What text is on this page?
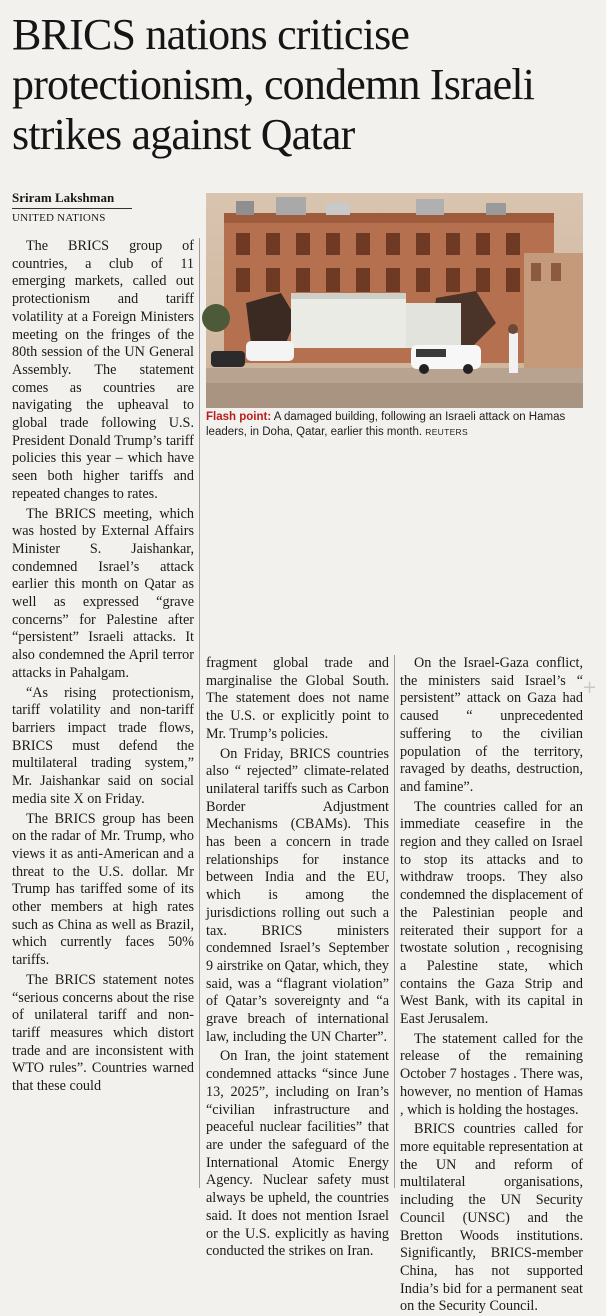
BRICS nations criticise protectionism, condemn Israeli strikes against Qatar
Sriram Lakshman
UNITED NATIONS

The BRICS group of countries, a club of 11 emerging markets, called out protectionism and tariff volatility at a Foreign Ministers meeting on the fringes of the 80th session of the UN General Assembly. The statement comes as countries are navigating the upheaval to global trade following U.S. President Donald Trump’s tariff policies this year – which have seen both higher tariffs and repeated changes to rates.

The BRICS meeting, which was hosted by External Affairs Minister S. Jaishankar, condemned Israel’s attack earlier this month on Qatar as well as expressed “grave concerns” for Palestine after “persistent” Israeli attacks. It also condemned the April terror attacks in Pahalgam.

“As rising protectionism, tariff volatility and non-tariff barriers impact trade flows, BRICS must defend the multilateral trading system,” Mr. Jaishankar said on social media site X on Friday.

The BRICS group has been on the radar of Mr. Trump, who views it as anti-American and a threat to the U.S. dollar. Mr Trump has tariffed some of its other members at high rates such as China as well as Brazil, which currently faces 50% tariffs.

The BRICS statement notes “serious concerns about the rise of unilateral tariff and non-tariff measures which distort trade and are inconsistent with WTO rules”. Countries warned that these could

Flash point: A damaged building, following an Israeli attack on Hamas leaders, in Doha, Qatar, earlier this month. REUTERS

fragment global trade and marginalise the Global South. The statement does not name the U.S. or explicitly point to Mr. Trump’s policies.

On Friday, BRICS countries also “ rejected” climate-related unilateral tariffs such as Carbon Border Adjustment Mechanisms (CBAMs). This has been a concern in trade relationships for instance between India and the EU, which is among the jurisdictions rolling out such a tax. BRICS ministers condemned Israel’s September 9 airstrike on Qatar, which, they said, was a “flagrant violation” of Qatar’s sovereignty and “a grave breach of international law, including the UN Charter”.

On Iran, the joint statement condemned attacks “since June 13, 2025”, including on Iran’s “civilian infrastructure and peaceful nuclear facilities” that are under the safeguard of the International Atomic Energy Agency. Nuclear safety must always be upheld, the countries said. It does not mention Israel or the U.S. explicitly as having conducted the strikes on Iran.

On the Israel-Gaza conflict, the ministers said Israel’s “ persistent” attack on Gaza had caused “ unprecedented suffering to the civilian population of the territory, ravaged by deaths, destruction, and famine”.

The countries called for an immediate ceasefire in the region and they called on Israel to stop its attacks and to withdraw troops. They also condemned the displacement of the Palestinian people and reiterated their support for a twostate solution , recognising a Palestine state, which contains the Gaza Strip and West Bank, with its capital in East Jerusalem.

The statement called for the release of the remaining October 7 hostages . There was, however, no mention of Hamas , which is holding the hostages.

BRICS countries called for more equitable representation at the UN and reform of multilateral organisations, including the UN Security Council (UNSC) and the Bretton Woods institutions. Significantly, BRICS-member China, has not supported India’s bid for a permanent seat on the Security Council.

+
